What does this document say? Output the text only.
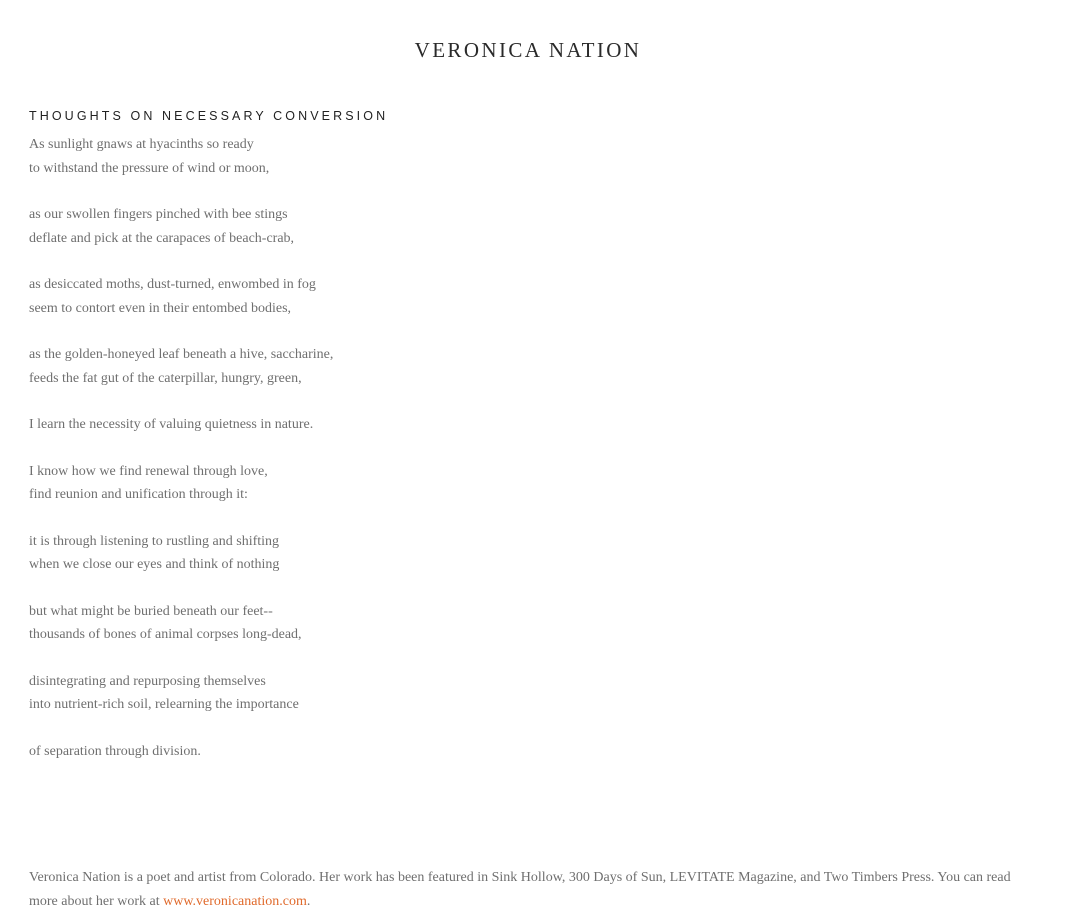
VERONICA NATION
THOUGHTS ON NECESSARY CONVERSION

As sunlight gnaws at hyacinths so ready
to withstand the pressure of wind or moon,

as our swollen fingers pinched with bee stings
deflate and pick at the carapaces of beach-crab,

as desiccated moths, dust-turned, enwombed in fog
seem to contort even in their entombed bodies,

as the golden-honeyed leaf beneath a hive, saccharine,
feeds the fat gut of the caterpillar, hungry, green,

I learn the necessity of valuing quietness in nature.

I know how we find renewal through love,
find reunion and unification through it:

it is through listening to rustling and shifting
when we close our eyes and think of nothing

but what might be buried beneath our feet--
thousands of bones of animal corpses long-dead,

disintegrating and repurposing themselves
into nutrient-rich soil, relearning the importance

of separation through division.

Veronica Nation is a poet and artist from Colorado. Her work has been featured in Sink Hollow, 300 Days of Sun, LEVITATE Magazine, and Two Timbers Press. You can read more about her work at www.veronicanation.com.
